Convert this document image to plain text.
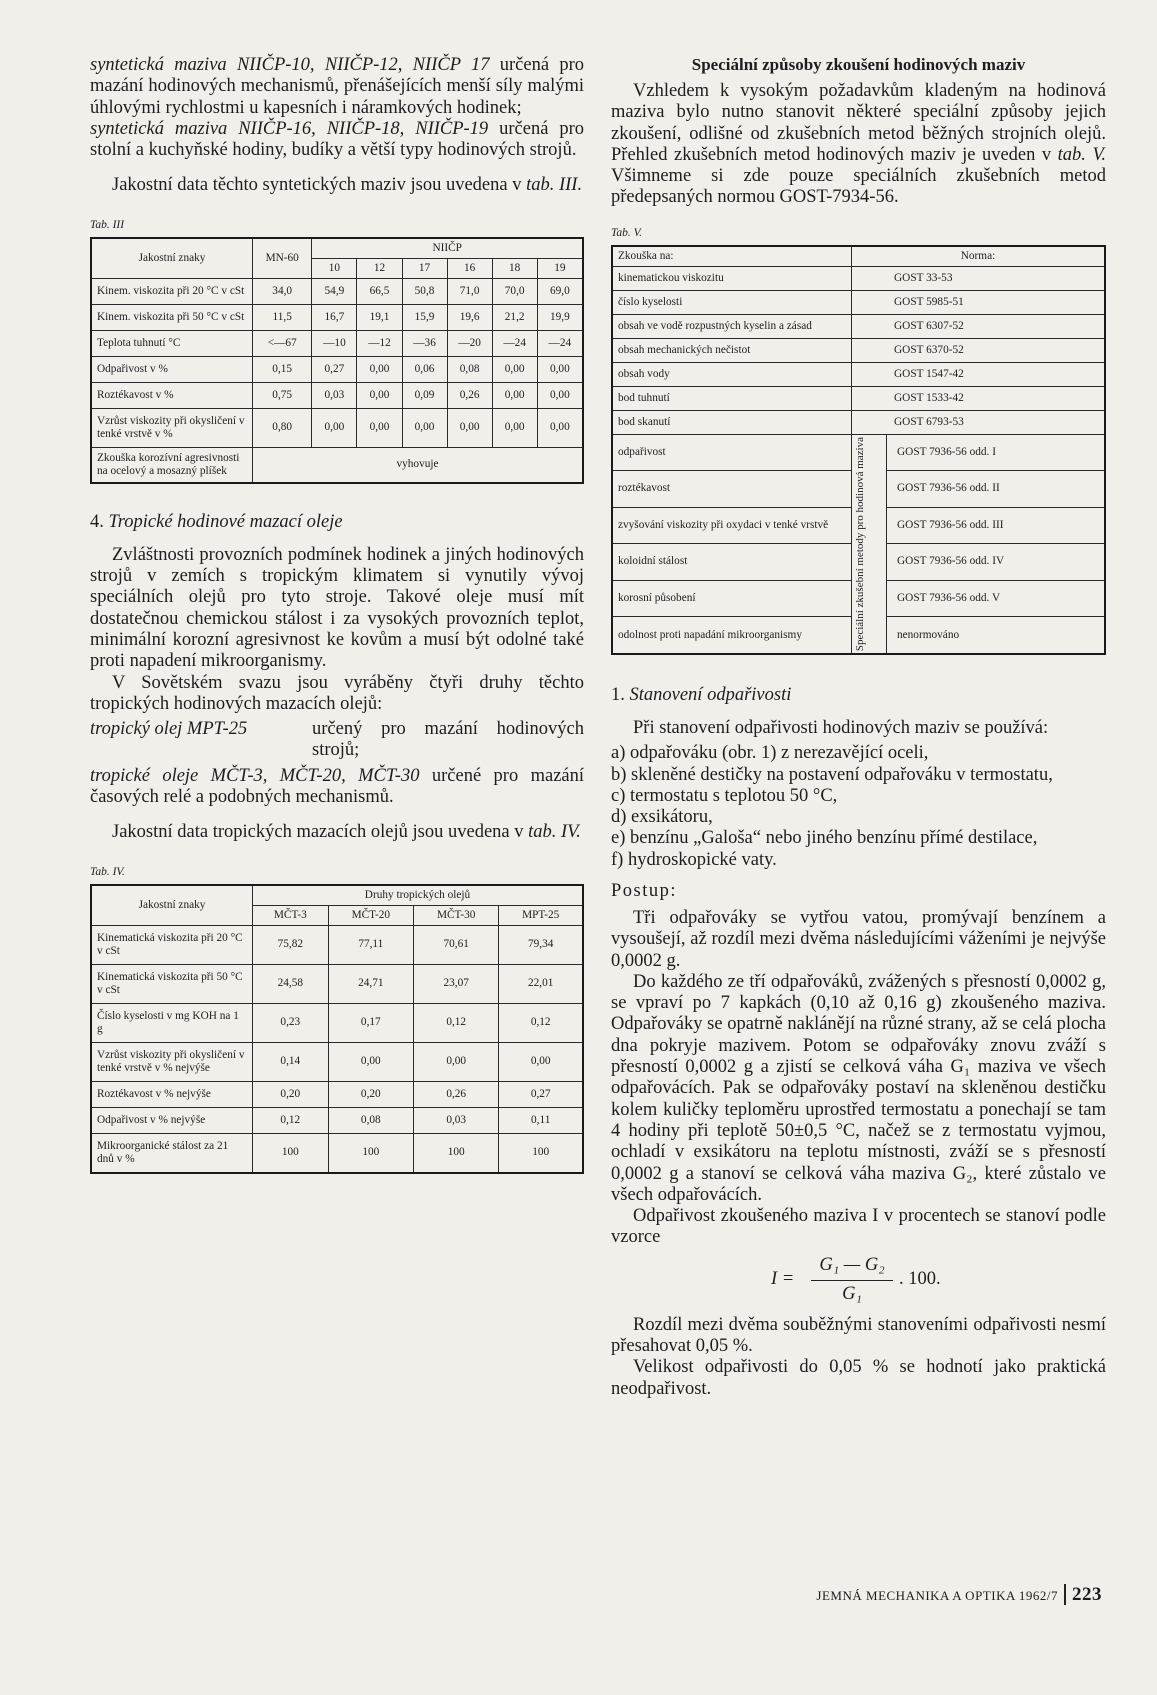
syntetická maziva NIIČP-10, NIIČP-12, NIIČP 17 určená pro mazání hodinových mechanismů, přenášejících menší síly malými úhlovými rychlostmi u kapesních i náramkových hodinek;

syntetická maziva NIIČP-16, NIIČP-18, NIIČP-19 určená pro stolní a kuchyňské hodiny, budíky a větší typy hodinových strojů.

Jakostní data těchto syntetických maziv jsou uvedena v tab. III.

Tab. III
Jakostní znaky	MN-60	NIIČP					
		10	12	17	16	18	19
Kinem. viskozita při 20 °C v cSt	34,0	54,9	66,5	50,8	71,0	70,0	69,0
Kinem. viskozita při 50 °C v cSt	11,5	16,7	19,1	15,9	19,6	21,2	19,9
Teplota tuhnutí °C	<—67	—10	—12	—36	—20	—24	—24
Odpařivost v %	0,15	0,27	0,00	0,06	0,08	0,00	0,00
Roztékavost v %	0,75	0,03	0,00	0,09	0,26	0,00	0,00
Vzrůst viskozity při okysličení v tenké vrstvě v %	0,80	0,00	0,00	0,00	0,00	0,00	0,00
Zkouška korozívní agresivnosti na ocelový a mosazný plíšek	vyhovuje						
4. Tropické hodinové mazací oleje

Zvláštnosti provozních podmínek hodinek a jiných hodinových strojů v zemích s tropickým klimatem si vynutily vývoj speciálních olejů pro tyto stroje. Takové oleje musí mít dostatečnou chemickou stálost i za vysokých provozních teplot, minimální korozní agresivnost ke kovům a musí být odolné také proti napadení mikroorganismy.

V Sovětském svazu jsou vyráběny čtyři druhy těchto tropických hodinových mazacích olejů:

tropický olej MPT-25	určený pro mazání hodinových strojů;

tropické oleje MČT-3, MČT-20, MČT-30 určené pro mazání časových relé a podobných mechanismů.

Jakostní data tropických mazacích olejů jsou uvedena v tab. IV.

Tab. IV.
Jakostní znaky	Druhy tropických olejů			
	MČT-3	MČT-20	MČT-30	MPT-25
Kinematická viskozita při 20 °C v cSt	75,82	77,11	70,61	79,34
Kinematická viskozita při 50 °C v cSt	24,58	24,71	23,07	22,01
Číslo kyselosti v mg KOH na 1 g	0,23	0,17	0,12	0,12
Vzrůst viskozity při okysličení v tenké vrstvě v % nejvýše	0,14	0,00	0,00	0,00
Roztékavost v % nejvýše	0,20	0,20	0,26	0,27
Odpařivost v % nejvýše	0,12	0,08	0,03	0,11
Mikroorganické stálost za 21 dnů v %	100	100	100	100
Speciální způsoby zkoušení hodinových maziv

Vzhledem k vysokým požadavkům kladeným na hodinová maziva bylo nutno stanovit některé speciální způsoby jejich zkoušení, odlišné od zkušebních metod běžných strojních olejů. Přehled zkušebních metod hodinových maziv je uveden v tab. V. Všimneme si zde pouze speciálních zkušebních metod předepsaných normou GOST-7934-56.

Tab. V.
Zkouška na:	Norma:	
kinematickou viskozitu	GOST 33-53	
číslo kyselosti	GOST 5985-51	
obsah ve vodě rozpustných kyselin a zásad	GOST 6307-52	
obsah mechanických nečistot	GOST 6370-52	
obsah vody	GOST 1547-42	
bod tuhnutí	GOST 1533-42	
bod skanutí	GOST 6793-53	
odpařivost	Speciální zkušební metody pro hodinová maziva	GOST 7936-56 odd. I
roztékavost		GOST 7936-56 odd. II
zvyšování viskozity při oxydaci v tenké vrstvě		GOST 7936-56 odd. III
koloidní stálost		GOST 7936-56 odd. IV
korosní působení		GOST 7936-56 odd. V
odolnost proti napadání mikroorganismy		nenormováno
1. Stanovení odpařivosti

Při stanovení odpařivosti hodinových maziv se používá:

a) odpařováku (obr. 1) z nerezavějící oceli,
b) skleněné destičky na postavení odpařováku v termostatu,
c) termostatu s teplotou 50 °C,
d) exsikátoru,
e) benzínu „Galoša“ nebo jiného benzínu přímé destilace,
f) hydroskopické vaty.
Postup:

Tři odpařováky se vytřou vatou, promývají benzínem a vysoušejí, až rozdíl mezi dvěma následujícími váženími je nejvýše 0,0002 g.

Do každého ze tří odpařováků, zvážených s přesností 0,0002 g, se vpraví po 7 kapkách (0,10 až 0,16 g) zkoušeného maziva. Odpařováky se opatrně naklánějí na různé strany, až se celá plocha dna pokryje mazivem. Potom se odpařováky znovu zváží s přesností 0,0002 g a zjistí se celková váha G₁ maziva ve všech odpařovácích. Pak se odpařováky postaví na skleněnou destičku kolem kuličky teploměru uprostřed termostatu a ponechají se tam 4 hodiny při teplotě 50±0,5 °C, načež se z termostatu vyjmou, ochladí v exsikátoru na teplotu místnosti, zváží se s přesností 0,0002 g a stanoví se celková váha maziva G₂, které zůstalo ve všech odpařovácích.

Odpařivost zkoušeného maziva I v procentech se stanoví podle vzorce

I =
G₁ — G₂
G₁
. 100.

Rozdíl mezi dvěma souběžnými stanoveními odpařivosti nesmí přesahovat 0,05 %.

Velikost odpařivosti do 0,05 % se hodnotí jako praktická neodpařivost.

JEMNÁ MECHANIKA A OPTIKA 1962/7 223
